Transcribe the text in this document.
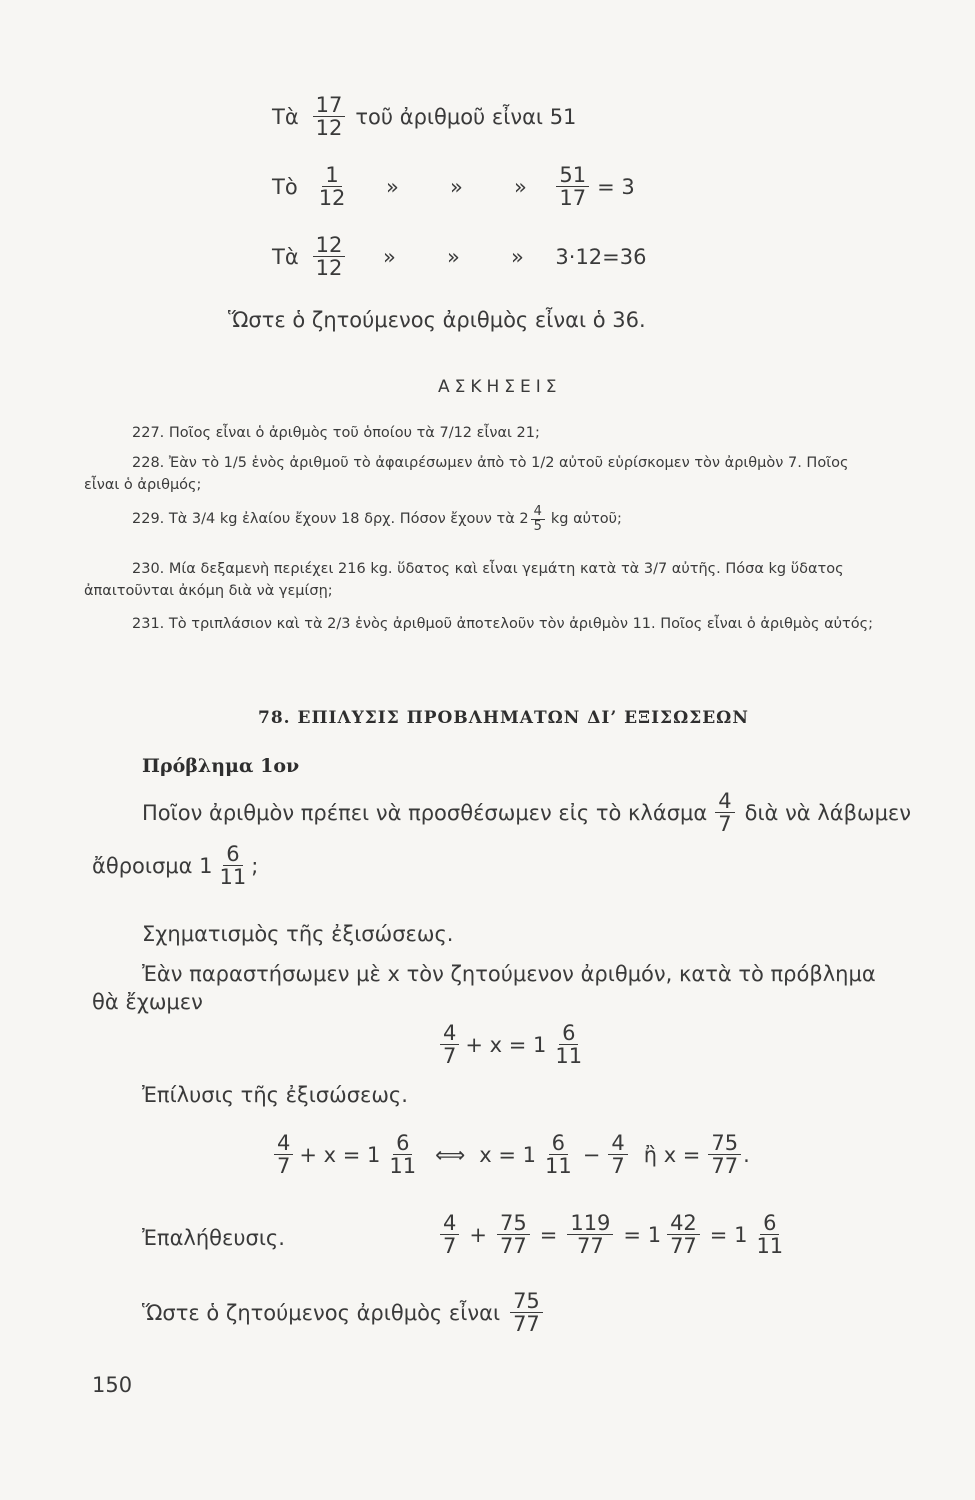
Τὰ $\frac{17}{12}$ τοῦ ἀριθμοῦ εἶναι 51
Τὸ $\frac{1}{12}$	»	»	»	$\frac{51}{17} = 3$
Τὰ $\frac{12}{12}$	»	»	»	3·12=36
Ὥστε ὁ ζητούμενος ἀριθμὸς εἶναι ὁ 36.
ΑΣΚΗΣΕΙΣ
227. Ποῖος εἶναι ὁ ἀριθμὸς τοῦ ὁποίου τὰ 7/12 εἶναι 21;
228. Ἐὰν τὸ 1/5 ἑνὸς ἀριθμοῦ τὸ ἀφαιρέσωμεν ἀπὸ τὸ 1/2 αὐτοῦ εὑρίσκομεν τὸν ἀριθμὸν 7. Ποῖος εἶναι ὁ ἀριθμός;
229. Τὰ 3/4 kg ἐλαίου ἔχουν 18 δρχ. Πόσον ἔχουν τὰ $2 \frac{4}{5}$ kg αὐτοῦ;
230. Μία δεξαμενὴ περιέχει 216 kg. ὕδατος καὶ εἶναι γεμάτη κατὰ τὰ 3/7 αὐτῆς. Πόσα kg ὕδατος ἀπαιτοῦνται ἀκόμη διὰ νὰ γεμίσῃ;
231. Τὸ τριπλάσιον καὶ τὰ 2/3 ἑνὸς ἀριθμοῦ ἀποτελοῦν τὸν ἀριθμὸν 11. Ποῖος εἶναι ὁ ἀριθμὸς αὐτός;
78. ΕΠΙΛΥΣΙΣ ΠΡΟΒΛΗΜΑΤΩΝ ΔΙ’ ΕΞΙΣΩΣΕΩΝ
Πρόβλημα 1ον
Ποῖον ἀριθμὸν πρέπει νὰ προσθέσωμεν εἰς τὸ κλάσμα $\frac{4}{7}$ διὰ νὰ λάβωμεν
ἄθροισμα $1 \frac{6}{11}$ ;
Σχηματισμὸς τῆς ἐξισώσεως.
Ἐὰν παραστήσωμεν μὲ x τὸν ζητούμενον ἀριθμόν, κατὰ τὸ πρόβλημα
θὰ ἔχωμεν
$\frac{4}{7} + x = 1 \frac{6}{11}$
Ἐπίλυσις τῆς ἐξισώσεως.
$\frac{4}{7} + x = 1 \frac{6}{11}$ ⟺ $x = 1 \frac{6}{11} - \frac{4}{7}$ ἢ $x = \frac{75}{77}$ .
Ἐπαλήθευσις.	$\frac{4}{7} + \frac{75}{77} = \frac{119}{77} = 1 \frac{42}{77} = 1 \frac{6}{11}$
Ὥστε ὁ ζητούμενος ἀριθμὸς εἶναι $\frac{75}{77}$
150
